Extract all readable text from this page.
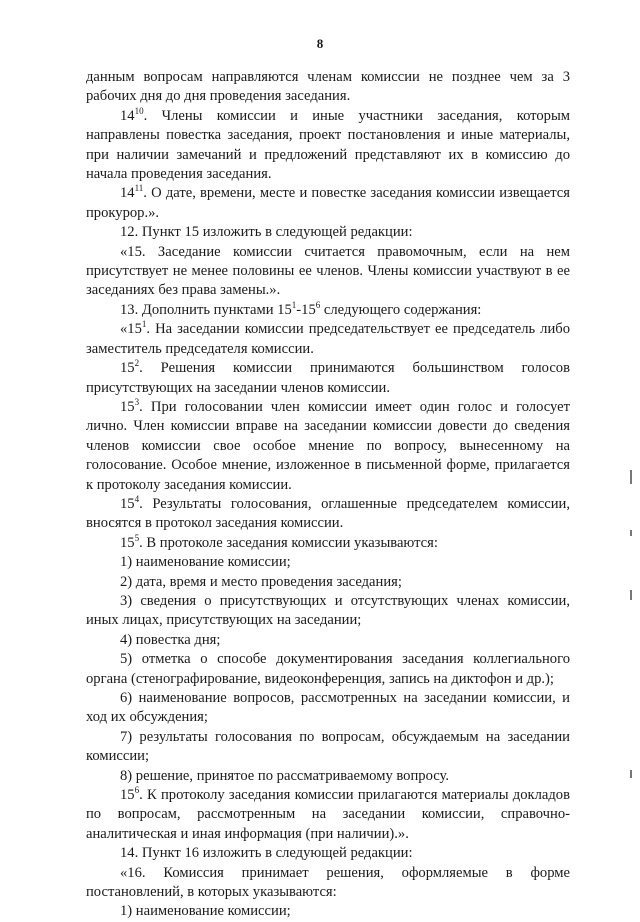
8

данным вопросам направляются членам комиссии не позднее чем за 3 рабочих дня до дня проведения заседания.

$14^{10}$. Члены комиссии и иные участники заседания, которым направлены повестка заседания, проект постановления и иные материалы, при наличии замечаний и предложений представляют их в комиссию до начала проведения заседания.

$14^{11}$. О дате, времени, месте и повестке заседания комиссии извещается прокурор.».

12. Пункт 15 изложить в следующей редакции:

«15. Заседание комиссии считается правомочным, если на нем присутствует не менее половины ее членов. Члены комиссии участвуют в ее заседаниях без права замены.».

13. Дополнить пунктами $15^1-15^6$ следующего содержания:

«$15^1$. На заседании комиссии председательствует ее председатель либо заместитель председателя комиссии.

$15^2$. Решения комиссии принимаются большинством голосов присутствующих на заседании членов комиссии.

$15^3$. При голосовании член комиссии имеет один голос и голосует лично. Член комиссии вправе на заседании комиссии довести до сведения членов комиссии свое особое мнение по вопросу, вынесенному на голосование. Особое мнение, изложенное в письменной форме, прилагается к протоколу заседания комиссии.

$15^4$. Результаты голосования, оглашенные председателем комиссии, вносятся в протокол заседания комиссии.

$15^5$. В протоколе заседания комиссии указываются:

1) наименование комиссии;

2) дата, время и место проведения заседания;

3) сведения о присутствующих и отсутствующих членах комиссии, иных лицах, присутствующих на заседании;

4) повестка дня;

5) отметка о способе документирования заседания коллегиального органа (стенографирование, видеоконференция, запись на диктофон и др.);

6) наименование вопросов, рассмотренных на заседании комиссии, и ход их обсуждения;

7) результаты голосования по вопросам, обсуждаемым на заседании комиссии;

8) решение, принятое по рассматриваемому вопросу.

$15^6$. К протоколу заседания комиссии прилагаются материалы докладов по вопросам, рассмотренным на заседании комиссии, справочно-аналитическая и иная информация (при наличии).».

14. Пункт 16 изложить в следующей редакции:

«16. Комиссия принимает решения, оформляемые в форме постановлений, в которых указываются:

1) наименование комиссии;
